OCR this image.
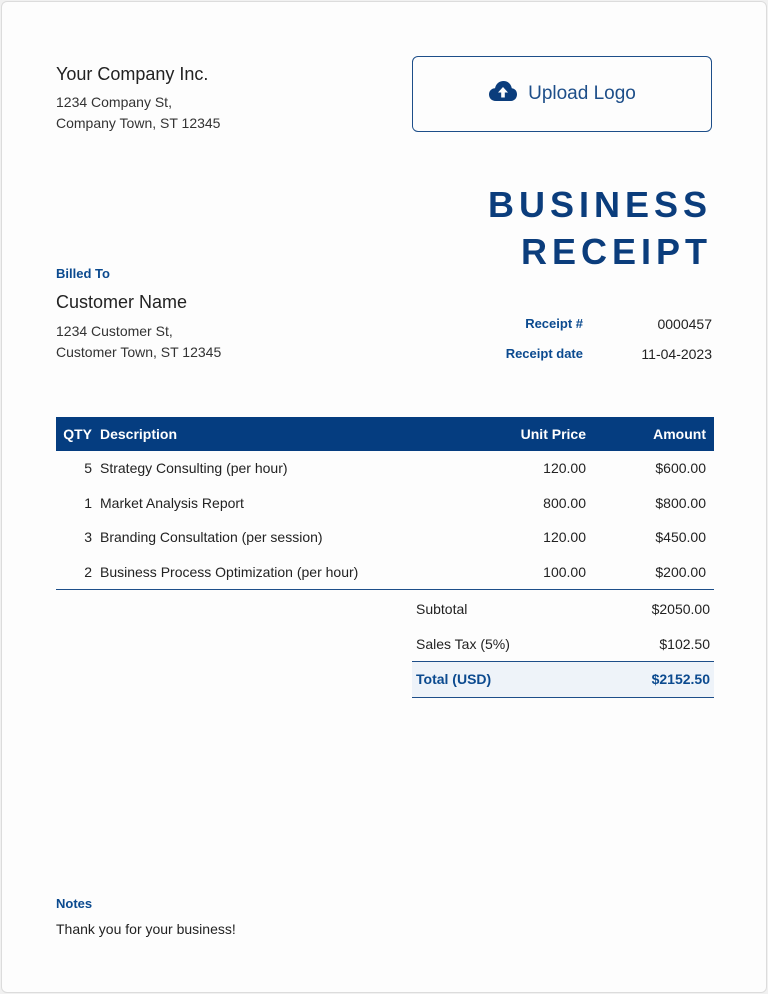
Your Company Inc.
1234 Company St,
Company Town, ST 12345
Upload Logo
BUSINESS
RECEIPT
Billed To
Customer Name
1234 Customer St,
Customer Town, ST 12345
Receipt #	0000457
Receipt date	11-04-2023
QTY	Description	Unit Price	Amount
5	Strategy Consulting (per hour)	120.00	$600.00
1	Market Analysis Report	800.00	$800.00
3	Branding Consultation (per session)	120.00	$450.00
2	Business Process Optimization (per hour)	100.00	$200.00
Subtotal	$2050.00
Sales Tax (5%)	$102.50
Total (USD)	$2152.50
Notes
Thank you for your business!
